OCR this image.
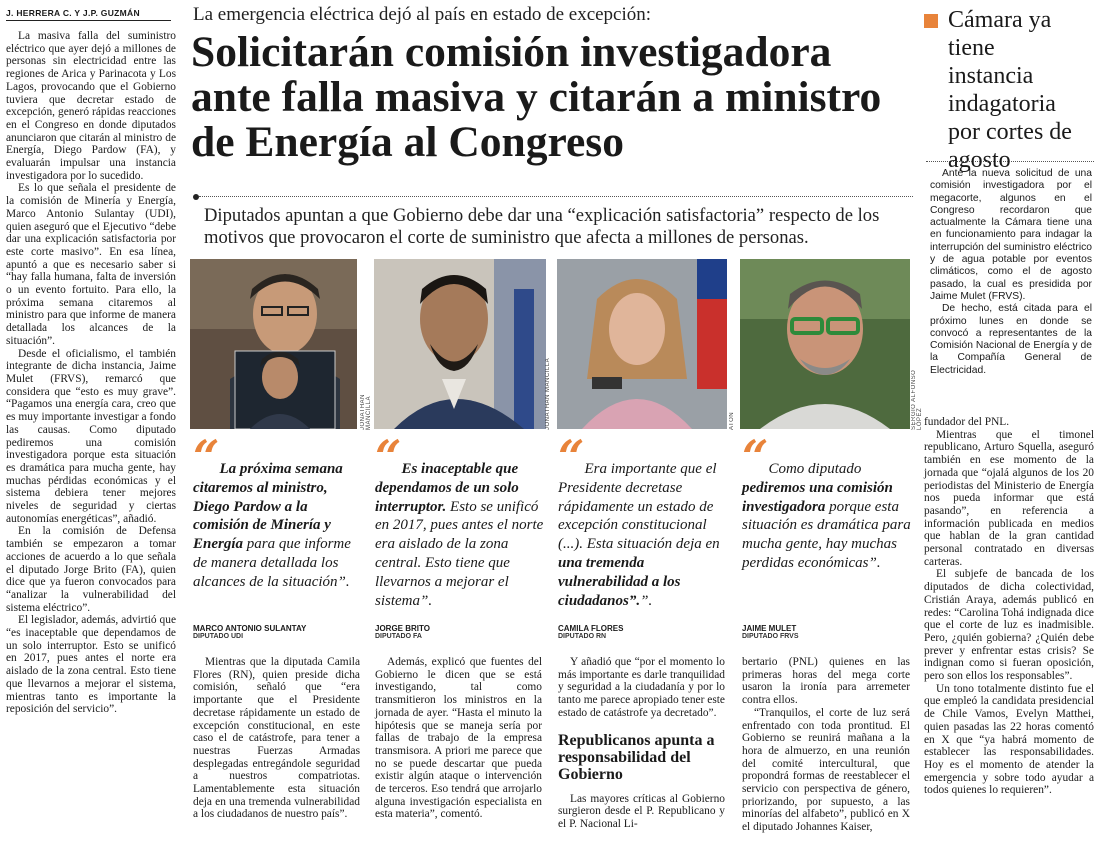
J. HERRERA C. Y J.P. GUZMÁN

La masiva falla del suministro eléctrico que ayer dejó a millones de personas sin electricidad entre las regiones de Arica y Parinacota y Los Lagos, provocando que el Gobierno tuviera que decretar estado de excepción, generó rápidas reacciones en el Congreso en donde diputados anunciaron que citarán al ministro de Energía, Diego Pardow (FA), y evaluarán impulsar una instancia investigadora por lo sucedido.

Es lo que señala el presidente de la comisión de Minería y Energía, Marco Antonio Sulantay (UDI), quien aseguró que el Ejecutivo “debe dar una explicación satisfactoria por este corte masivo”. En esa línea, apuntó a que es necesario saber si “hay falla humana, falta de inversión o un evento fortuito. Para ello, la próxima semana citaremos al ministro para que informe de manera detallada los alcances de la situación”.

Desde el oficialismo, el también integrante de dicha instancia, Jaime Mulet (FRVS), remarcó que considera que “esto es muy grave”. “Pagamos una energía cara, creo que es muy importante investigar a fondo las causas. Como diputado pediremos una comisión investigadora porque esta situación es dramática para mucha gente, hay muchas pérdidas económicas y el sistema debiera tener mejores niveles de seguridad y ciertas autonomías energéticas”, añadió.

En la comisión de Defensa también se empezaron a tomar acciones de acuerdo a lo que señala el diputado Jorge Brito (FA), quien dice que ya fueron convocados para “analizar la vulnerabilidad del sistema eléctrico”.

El legislador, además, advirtió que “es inaceptable que dependamos de un solo interruptor. Esto se unificó en 2017, pues antes el norte era aislado de la zona central. Esto tiene que llevarnos a mejorar el sistema, mientras tanto es importante la reposición del servicio”.

La emergencia eléctrica dejó al país en estado de excepción:
Solicitarán comisión investigadora ante falla masiva y citarán a ministro de Energía al Congreso
Diputados apuntan a que Gobierno debe dar una “explicación satisfactoria” respecto de los motivos que provocaron el corte de suministro que afecta a millones de personas.
JONATHAN MANCILLA	JONATHAN MANCILLA	ATON	SERGIO ALFONSO LÓPEZ
“La próxima semana citaremos al ministro, Diego Pardow a la comisión de Minería y Energía para que informe de manera detallada los alcances de la situación”.
MARCO ANTONIO SULANTAY
DIPUTADO UDI
“Es inaceptable que dependamos de un solo interruptor. Esto se unificó en 2017, pues antes el norte era aislado de la zona central. Esto tiene que llevarnos a mejorar el sistema”.
JORGE BRITO
DIPUTADO FA
“Era importante que el Presidente decretase rápidamente un estado de excepción constitucional (...). Esta situación deja en una tremenda vulnerabilidad a los ciudadanos”.”.
CAMILA FLORES
DIPUTADO RN
“Como diputado pediremos una comisión investigadora porque esta situación es dramática para mucha gente, hay muchas perdidas económicas”.
JAIME MULET
DIPUTADO FRVS

Mientras que la diputada Camila Flores (RN), quien preside dicha comisión, señaló que “era importante que el Presidente decretase rápidamente un estado de excepción constitucional, en este caso el de catástrofe, para tener a nuestras Fuerzas Armadas desplegadas entregándole seguridad a nuestros compatriotas. Lamentablemente esta situación deja en una tremenda vulnerabilidad a los ciudadanos de nuestro país”.

Además, explicó que fuentes del Gobierno le dicen que se está investigando, tal como transmitieron los ministros en la jornada de ayer. “Hasta el minuto la hipótesis que se maneja sería por fallas de trabajo de la empresa transmisora. A priori me parece que no se puede descartar que pueda existir algún ataque o intervención de terceros. Eso tendrá que arrojarlo alguna investigación especialista en esta materia”, comentó.

Y añadió que “por el momento lo más importante es darle tranquilidad y seguridad a la ciudadanía y por lo tanto me parece apropiado tener este estado de catástrofe ya decretado”.

Republicanos apunta a responsabilidad del Gobierno

Las mayores críticas al Gobierno surgieron desde el P. Republicano y el P. Nacional Li-

bertario (PNL) quienes en las primeras horas del mega corte usaron la ironía para arremeter contra ellos.

“Tranquilos, el corte de luz será enfrentado con toda prontitud. El Gobierno se reunirá mañana a la hora de almuerzo, en una reunión del comité intercultural, que propondrá formas de reestablecer el servicio con perspectiva de género, priorizando, por supuesto, a las minorías del alfabeto”, publicó en X el diputado Johannes Kaiser,

fundador del PNL.

Mientras que el timonel republicano, Arturo Squella, aseguró también en ese momento de la jornada que “ojalá algunos de los 20 periodistas del Ministerio de Energía nos pueda informar que está pasando”, en referencia a información publicada en medios que hablan de la gran cantidad personal contratado en diversas carteras.

El subjefe de bancada de los diputados de dicha colectividad, Cristián Araya, además publicó en redes: “Carolina Tohá indignada dice que el corte de luz es inadmisible. Pero, ¿quién gobierna? ¿Quién debe prever y enfrentar estas crisis? Se indignan como si fueran oposición, pero son ellos los responsables”.

Un tono totalmente distinto fue el que empleó la candidata presidencial de Chile Vamos, Evelyn Matthei, quien pasadas las 22 horas comentó en X que “ya habrá momento de establecer las responsabilidades. Hoy es el momento de atender la emergencia y sobre todo ayudar a todos quienes lo requieren”.

Cámara ya tiene instancia indagatoria por cortes de agosto

Ante la nueva solicitud de una comisión investigadora por el megacorte, algunos en el Congreso recordaron que actualmente la Cámara tiene una en funcionamiento para indagar la interrupción del suministro eléctrico y de agua potable por eventos climáticos, como el de agosto pasado, la cual es presidida por Jaime Mulet (FRVS).

De hecho, está citada para el próximo lunes en donde se convocó a representantes de la Comisión Nacional de Energía y de la Compañía General de Electricidad.
